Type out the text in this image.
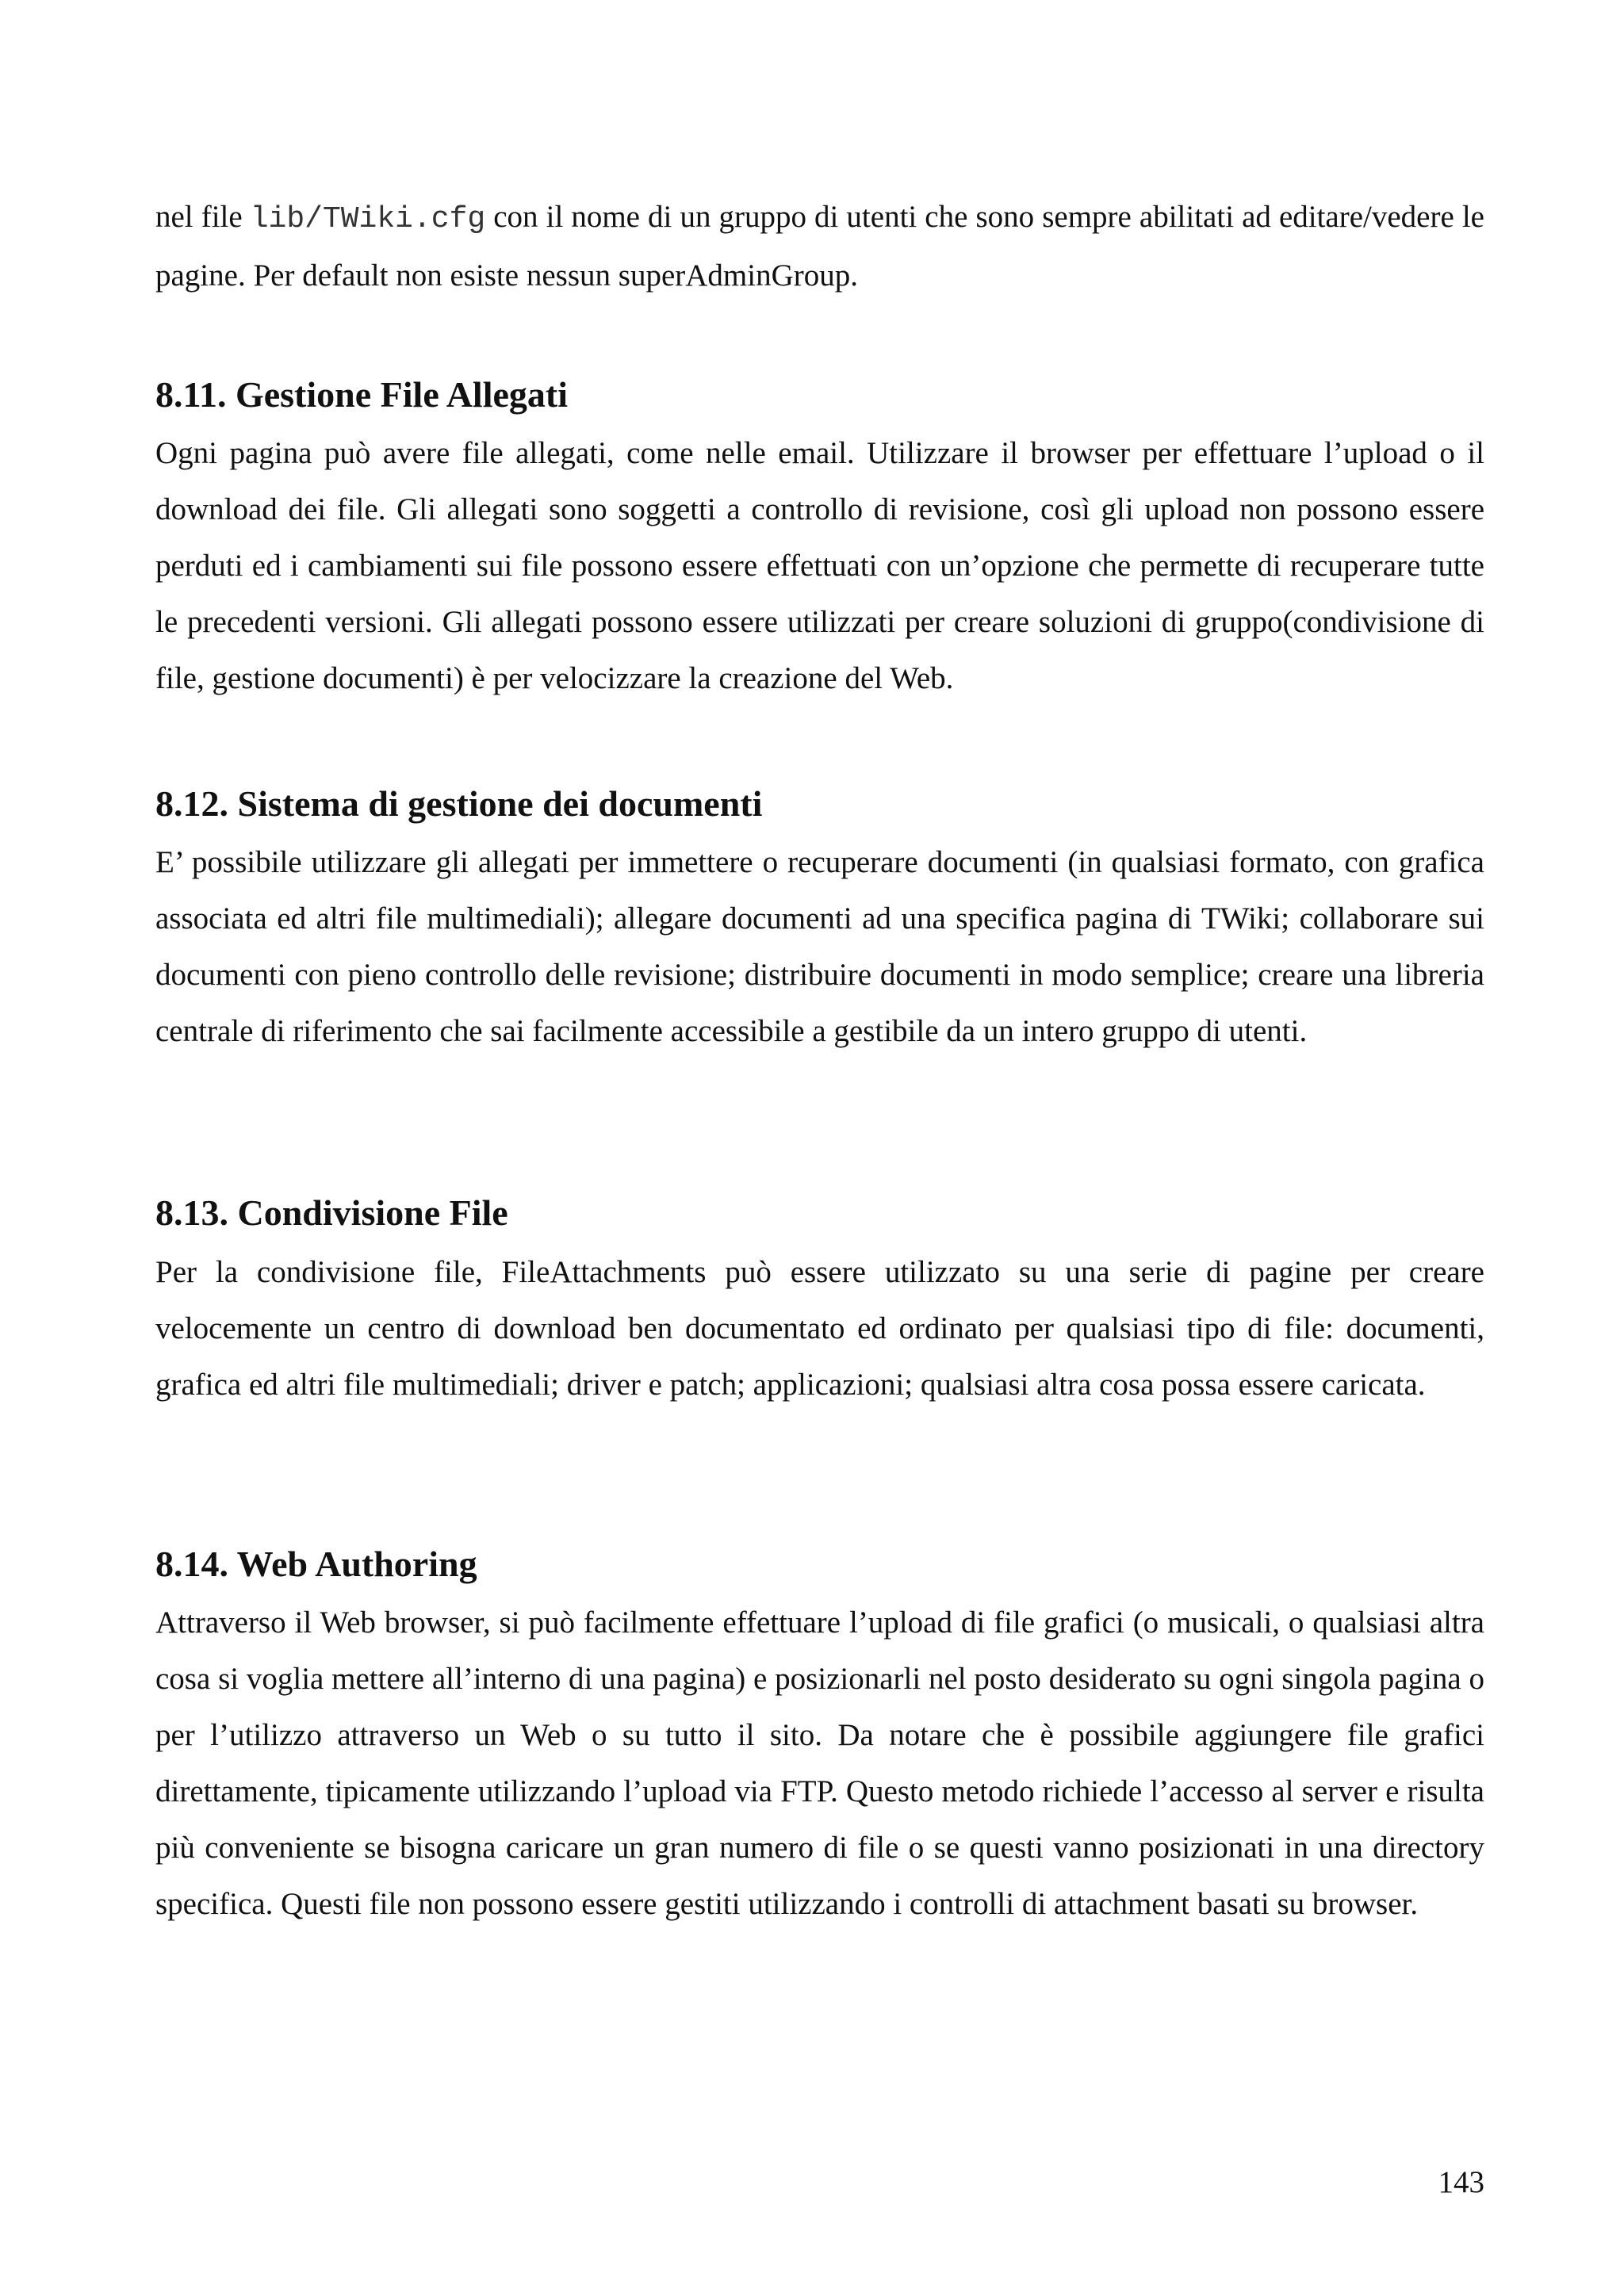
nel file lib/TWiki.cfg con il nome di un gruppo di utenti che sono sempre abilitati ad editare/vedere le pagine. Per default non esiste nessun superAdminGroup.

8.11. Gestione File Allegati

Ogni pagina può avere file allegati, come nelle email. Utilizzare il browser per effettuare l’upload o il download dei file. Gli allegati sono soggetti a controllo di revisione, così gli upload non possono essere perduti ed i cambiamenti sui file possono essere effettuati con un’opzione che permette di recuperare tutte le precedenti versioni. Gli allegati possono essere utilizzati per creare soluzioni di gruppo(condivisione di file, gestione documenti) è per velocizzare la creazione del Web.

8.12. Sistema di gestione dei documenti

E’ possibile utilizzare gli allegati per immettere o recuperare documenti (in qualsiasi formato, con grafica associata ed altri file multimediali); allegare documenti ad una specifica pagina di TWiki; collaborare sui documenti con pieno controllo delle revisione; distribuire documenti in modo semplice; creare una libreria centrale di riferimento che sai facilmente accessibile a gestibile da un intero gruppo di utenti.

8.13. Condivisione File

Per la condivisione file, FileAttachments può essere utilizzato su una serie di pagine per creare velocemente un centro di download ben documentato ed ordinato per qualsiasi tipo di file: documenti, grafica ed altri file multimediali; driver e patch; applicazioni; qualsiasi altra cosa possa essere caricata.

8.14. Web Authoring

Attraverso il Web browser, si può facilmente effettuare l’upload di file grafici (o musicali, o qualsiasi altra cosa si voglia mettere all’interno di una pagina) e posizionarli nel posto desiderato su ogni singola pagina o per l’utilizzo attraverso un Web o su tutto il sito. Da notare che è possibile aggiungere file grafici direttamente, tipicamente utilizzando l’upload via FTP. Questo metodo richiede l’accesso al server e risulta più conveniente se bisogna caricare un gran numero di file o se questi vanno posizionati in una directory specifica. Questi file non possono essere gestiti utilizzando i controlli di attachment basati su browser.

143
